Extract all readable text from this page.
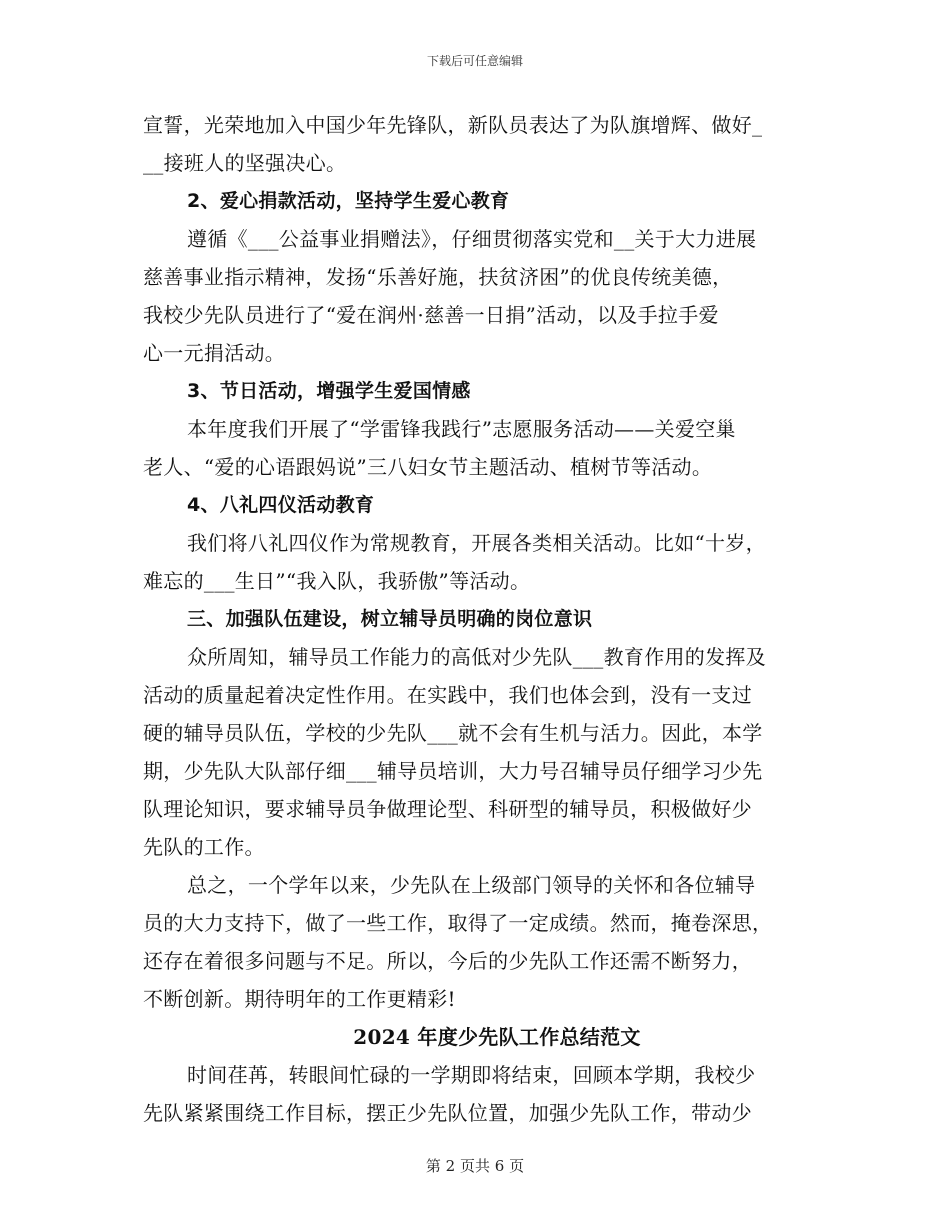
下载后可任意编辑
宣誓，光荣地加入中国少年先锋队，新队员表达了为队旗增辉、做好_
__接班人的坚强决心。
2、爱心捐款活动，坚持学生爱心教育
遵循《___公益事业捐赠法》，仔细贯彻落实党和__关于大力进展
慈善事业指示精神，发扬“乐善好施，扶贫济困”的优良传统美德，
我校少先队员进行了“爱在润州·慈善一日捐”活动，以及手拉手爱
心一元捐活动。
3、节日活动，增强学生爱国情感
本年度我们开展了“学雷锋我践行”志愿服务活动——关爱空巢
老人、“爱的心语跟妈说”三八妇女节主题活动、植树节等活动。
4、八礼四仪活动教育
我们将八礼四仪作为常规教育，开展各类相关活动。比如“十岁，
难忘的___生日”“我入队，我骄傲”等活动。
三、加强队伍建设，树立辅导员明确的岗位意识
众所周知，辅导员工作能力的高低对少先队___教育作用的发挥及
活动的质量起着决定性作用。在实践中，我们也体会到，没有一支过
硬的辅导员队伍，学校的少先队___就不会有生机与活力。因此，本学
期，少先队大队部仔细___辅导员培训，大力号召辅导员仔细学习少先
队理论知识，要求辅导员争做理论型、科研型的辅导员，积极做好少
先队的工作。
总之，一个学年以来，少先队在上级部门领导的关怀和各位辅导
员的大力支持下，做了一些工作，取得了一定成绩。然而，掩卷深思，
还存在着很多问题与不足。所以，今后的少先队工作还需不断努力，
不断创新。期待明年的工作更精彩!
2024 年度少先队工作总结范文
时间荏苒，转眼间忙碌的一学期即将结束，回顾本学期，我校少
先队紧紧围绕工作目标，摆正少先队位置，加强少先队工作，带动少
第 2 页共 6 页
